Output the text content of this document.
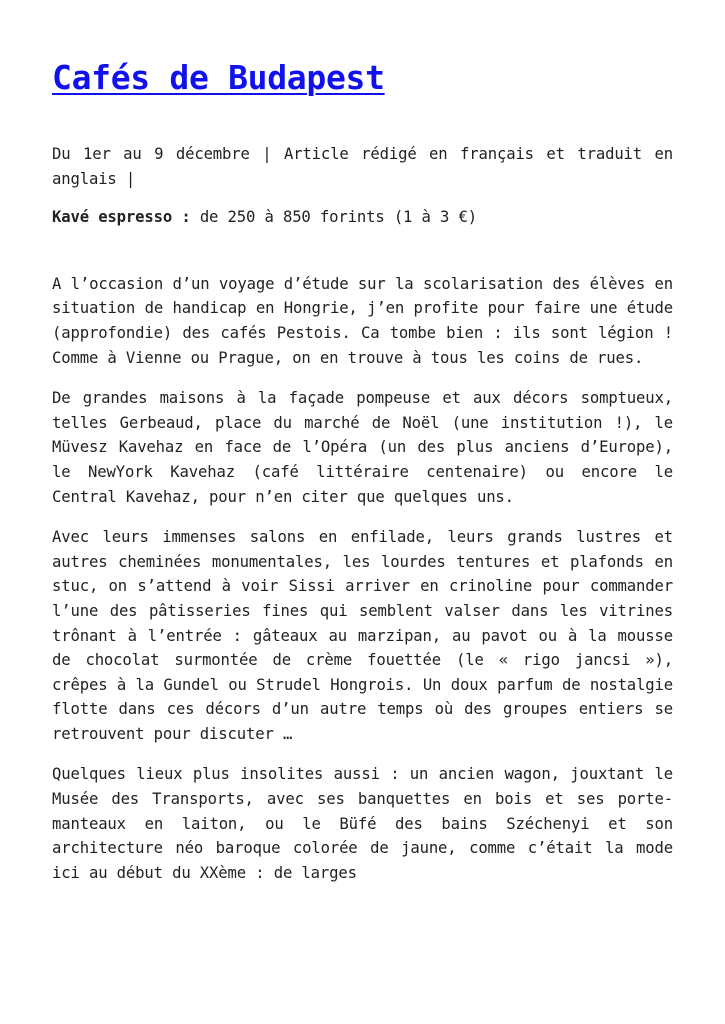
Cafés de Budapest

Du 1er au 9 décembre | Article rédigé en français et traduit en anglais |

Kavé espresso : de 250 à 850 forints (1 à 3 €)

A l’occasion d’un voyage d’étude sur la scolarisation des élèves en situation de handicap en Hongrie, j’en profite pour faire une étude (approfondie) des cafés Pestois. Ca tombe bien : ils sont légion ! Comme à Vienne ou Prague, on en trouve à tous les coins de rues.

De grandes maisons à la façade pompeuse et aux décors somptueux, telles Gerbeaud, place du marché de Noël (une institution !), le Müvesz Kavehaz en face de l’Opéra (un des plus anciens d’Europe), le NewYork Kavehaz (café littéraire centenaire) ou encore le Central Kavehaz, pour n’en citer que quelques uns.

Avec leurs immenses salons en enfilade, leurs grands lustres et autres cheminées monumentales, les lourdes tentures et plafonds en stuc, on s’attend à voir Sissi arriver en crinoline pour commander l’une des pâtisseries fines qui semblent valser dans les vitrines trônant à l’entrée : gâteaux au marzipan, au pavot ou à la mousse de chocolat surmontée de crème fouettée (le « rigo jancsi »), crêpes à la Gundel ou Strudel Hongrois. Un doux parfum de nostalgie flotte dans ces décors d’un autre temps où des groupes entiers se retrouvent pour discuter …

Quelques lieux plus insolites aussi : un ancien wagon, jouxtant le Musée des Transports, avec ses banquettes en bois et ses porte-manteaux en laiton, ou le Büfé des bains Széchenyi et son architecture néo baroque colorée de jaune, comme c’était la mode ici au début du XXème : de larges
